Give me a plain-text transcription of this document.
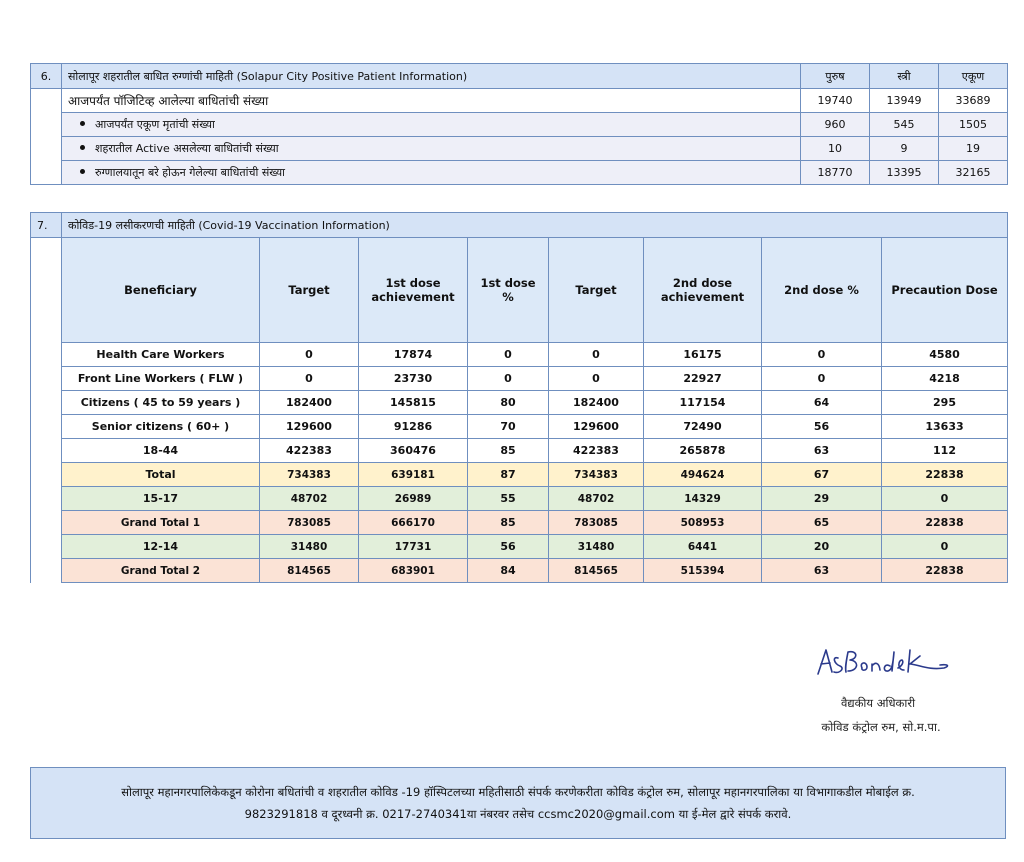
6.	सोलापूर शहरातील बाधित रुग्णांची माहिती (Solapur City Positive Patient Information)	पुरुष	स्त्री	एकूण
	आजपर्यंत पॉजिटिव्ह आलेल्या बाधितांची संख्या	19740	13949	33689
	आजपर्यंत एकूण मृतांची संख्या	960	545	1505
	शहरातील Active असलेल्या बाधितांची संख्या	10	9	19
	रुग्णालयातून बरे होऊन गेलेल्या बाधितांची संख्या	18770	13395	32165
7.	कोविड-19 लसीकरणची माहिती (Covid-19 Vaccination Information)							
	Beneficiary	Target	1st dose achievement	1st dose %	Target	2nd dose achievement	2nd dose %	Precaution Dose
	Health Care Workers	0	17874	0	0	16175	0	4580
	Front Line Workers ( FLW )	0	23730	0	0	22927	0	4218
	Citizens ( 45 to 59 years )	182400	145815	80	182400	117154	64	295
	Senior citizens ( 60+ )	129600	91286	70	129600	72490	56	13633
	18-44	422383	360476	85	422383	265878	63	112
	Total	734383	639181	87	734383	494624	67	22838
	15-17	48702	26989	55	48702	14329	29	0
	Grand Total 1	783085	666170	85	783085	508953	65	22838
	12-14	31480	17731	56	31480	6441	20	0
	Grand Total 2	814565	683901	84	814565	515394	63	22838
वैद्यकीय अधिकारी
कोविड कंट्रोल रुम, सो.म.पा.
सोलापूर महानगरपालिकेकडून कोरोना बधितांची व शहरातील कोविड -19 हॉस्पिटलच्या महितीसाठी संपर्क करणेकरीता कोविड कंट्रोल रुम, सोलापूर महानगरपालिका या विभागाकडील मोबाईल क्र.
9823291818 व दूरध्वनी क्र. 0217-2740341या नंबरवर तसेच ccsmc2020@gmail.com या ई-मेल द्वारे संपर्क करावे.
